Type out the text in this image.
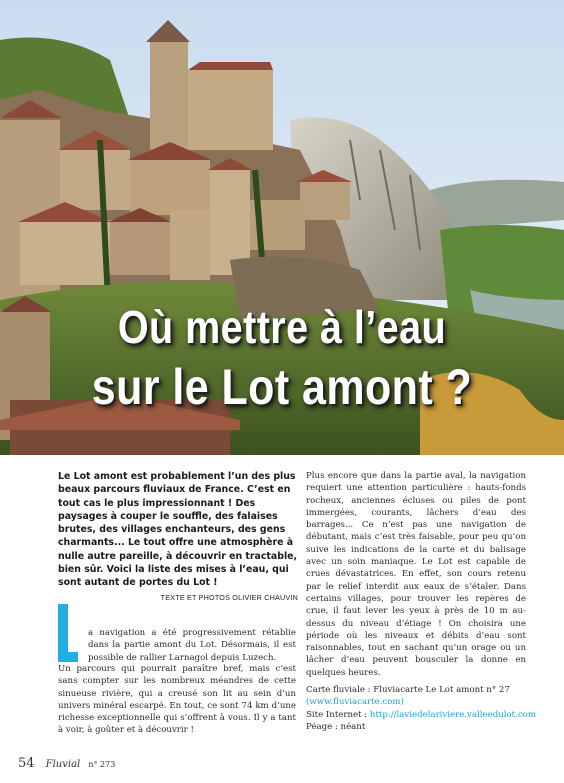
Où mettre à l’eau
sur le Lot amont ?
Le Lot amont est probablement l’un des plus beaux parcours fluviaux de France. C’est en tout cas le plus impressionnant ! Des paysages à couper le souffle, des falaises brutes, des villages enchanteurs, des gens charmants... Le tout offre une atmosphère à nulle autre pareille, à découvrir en tractable, bien sûr. Voici la liste des mises à l’eau, qui sont autant de portes du Lot !
TEXTE ET PHOTOS OLIVIER CHAUVIN
a navigation a été progressivement rétablie dans la partie amont du Lot. Désormais, il est possible de rallier Larnagol depuis Luzech.
Un parcours qui pourrait paraître bref, mais c’est sans compter sur les nombreux méandres de cette sinueuse rivière, qui a creusé son lit au sein d’un univers minéral escarpé. En tout, ce sont 74 km d’une richesse exceptionnelle qui s’offrent à vous. Il y a tant à voir, à goûter et à découvrir !
Plus encore que dans la partie aval, la navigation requiert une attention particulière : hauts-fonds rocheux, anciennes écluses ou piles de pont immergées, courants, lâchers d’eau des barrages... Ce n’est pas une navigation de débutant, mais c’est très faisable, pour peu qu’on suive les indications de la carte et du balisage avec un soin maniaque. Le Lot est capable de crues dévastatrices. En effet, son cours retenu par le relief interdit aux eaux de s’étaler. Dans certains villages, pour trouver les repères de crue, il faut lever les yeux à près de 10 m au-dessus du niveau d’étiage ! On choisira une période où les niveaux et débits d’eau sont raisonnables, tout en sachant qu’un orage ou un lâcher d’eau peuvent bousculer la donne en quelques heures.
Carte fluviale : Fluviacarte Le Lot amont n° 27
(www.fluviacarte.com)
Site Internet : http://laviedelariviere.valleedulot.com
Péage : néant
54 Fluvial n° 273
